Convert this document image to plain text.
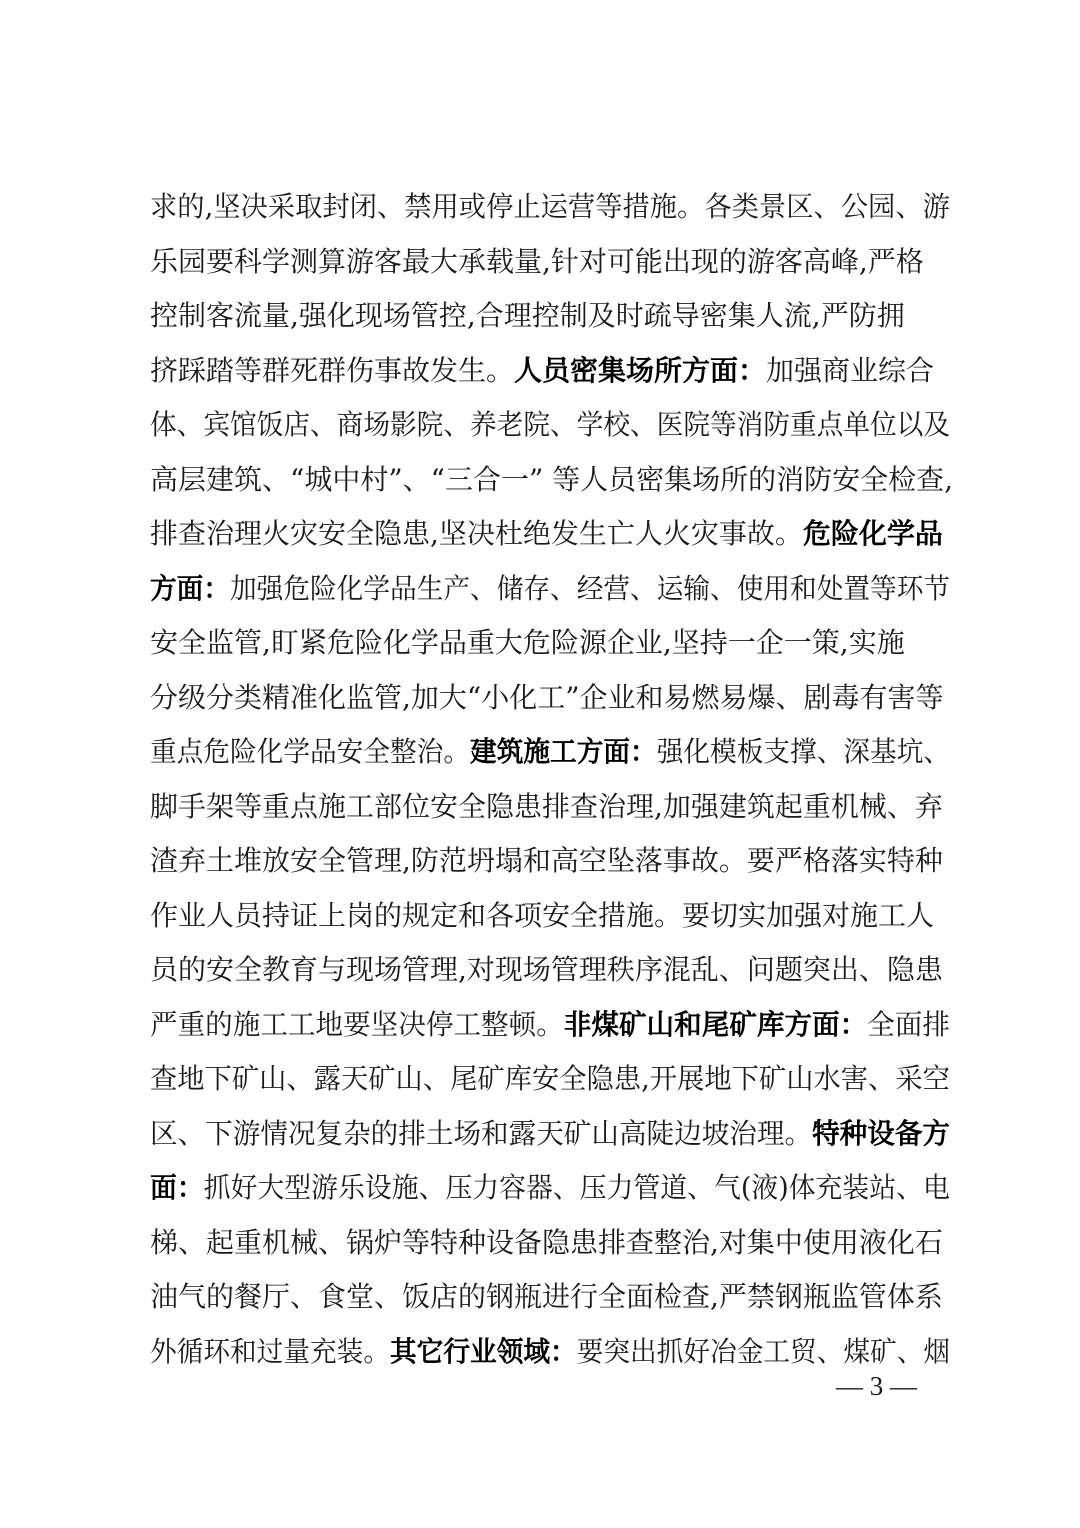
求的,坚决采取封闭、禁用或停止运营等措施。各类景区、公园、游
乐园要科学测算游客最大承载量,针对可能出现的游客高峰,严格
控制客流量,强化现场管控,合理控制及时疏导密集人流,严防拥
挤踩踏等群死群伤事故发生。人员密集场所方面：加强商业综合
体、宾馆饭店、商场影院、养老院、学校、医院等消防重点单位以及
高层建筑、“城中村”、“三合一” 等人员密集场所的消防安全检查,
排查治理火灾安全隐患,坚决杜绝发生亡人火灾事故。危险化学品
方面：加强危险化学品生产、储存、经营、运输、使用和处置等环节
安全监管,盯紧危险化学品重大危险源企业,坚持一企一策,实施
分级分类精准化监管,加大“小化工”企业和易燃易爆、剧毒有害等
重点危险化学品安全整治。建筑施工方面：强化模板支撑、深基坑、
脚手架等重点施工部位安全隐患排查治理,加强建筑起重机械、弃
渣弃土堆放安全管理,防范坍塌和高空坠落事故。要严格落实特种
作业人员持证上岗的规定和各项安全措施。要切实加强对施工人
员的安全教育与现场管理,对现场管理秩序混乱、问题突出、隐患
严重的施工工地要坚决停工整顿。非煤矿山和尾矿库方面：全面排
查地下矿山、露天矿山、尾矿库安全隐患,开展地下矿山水害、采空
区、下游情况复杂的排土场和露天矿山高陡边坡治理。特种设备方
面：抓好大型游乐设施、压力容器、压力管道、气(液)体充装站、电
梯、起重机械、锅炉等特种设备隐患排查整治,对集中使用液化石
油气的餐厅、食堂、饭店的钢瓶进行全面检查,严禁钢瓶监管体系
外循环和过量充装。其它行业领域：要突出抓好冶金工贸、煤矿、烟
— 3 —
